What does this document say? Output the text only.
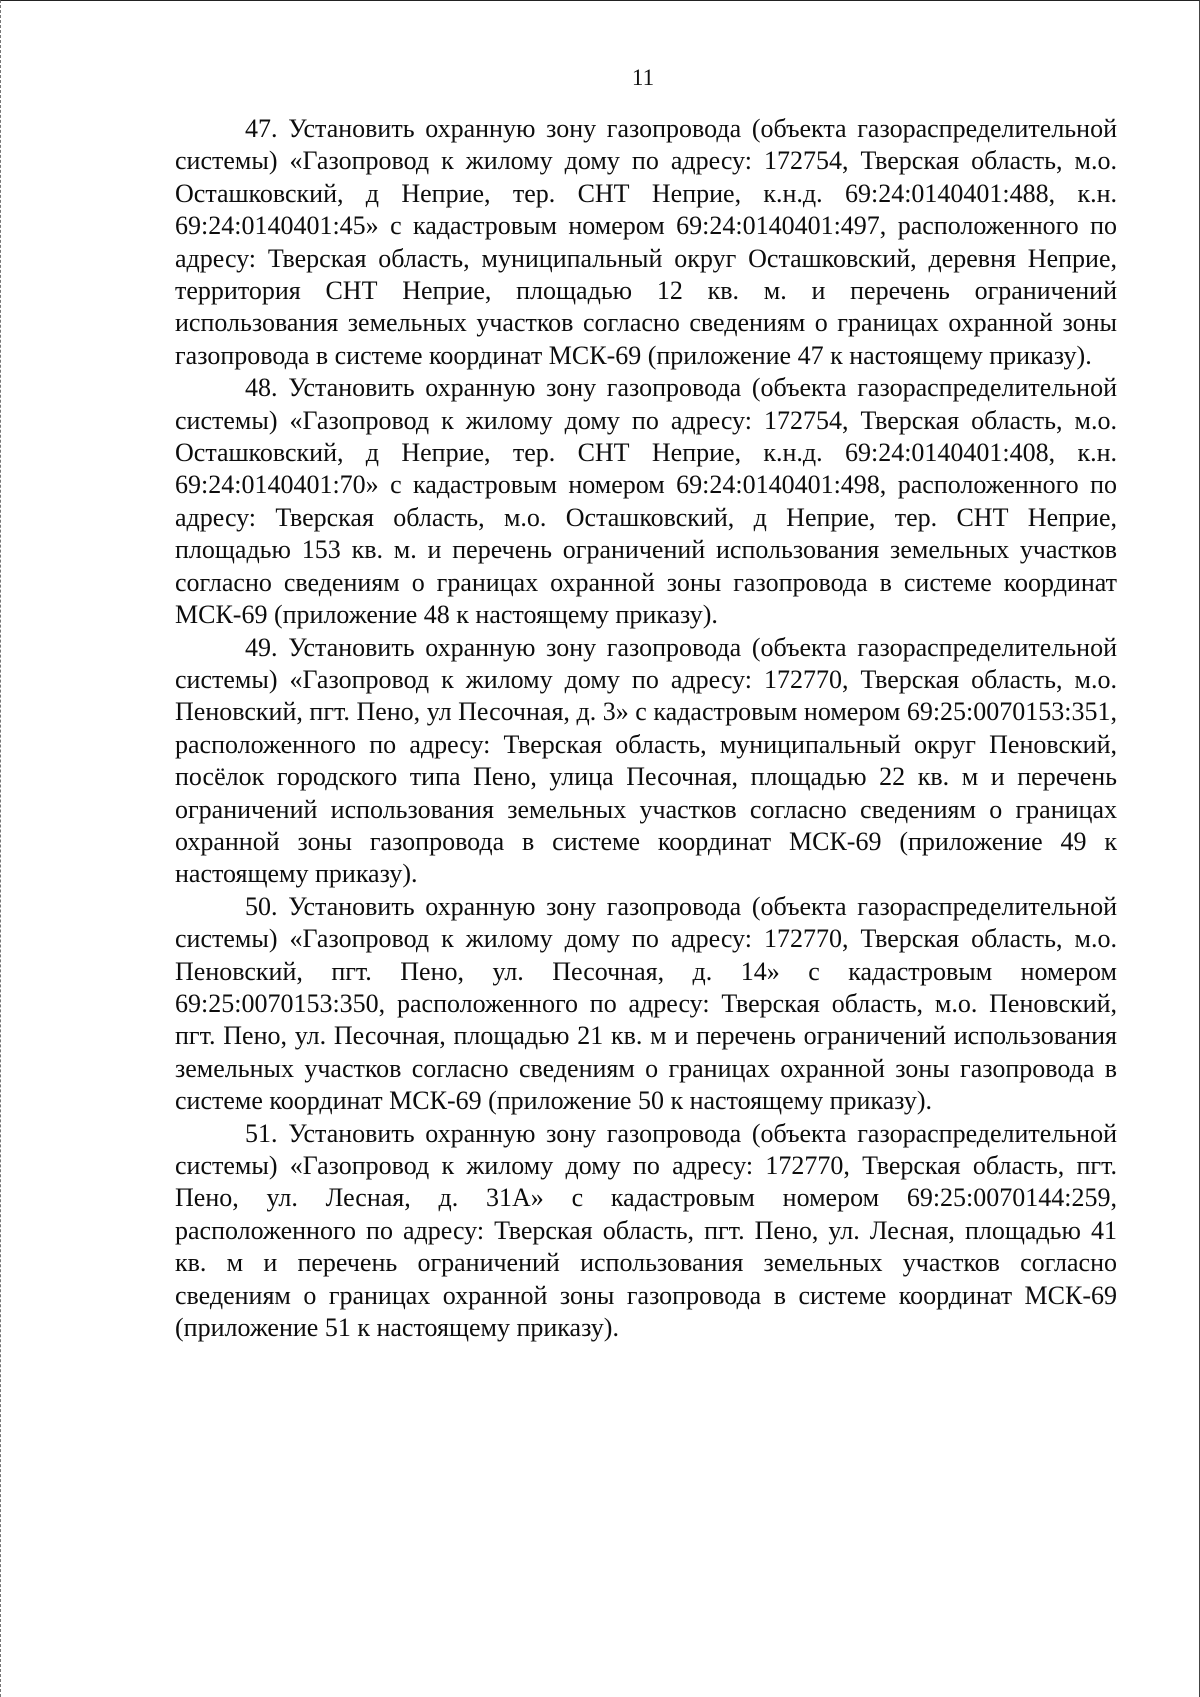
11

47. Установить охранную зону газопровода (объекта газораспределительной системы) «Газопровод к жилому дому по адресу: 172754, Тверская область, м.о. Осташковский, д Неприе, тер. СНТ Неприе, к.н.д. 69:24:0140401:488, к.н. 69:24:0140401:45» с кадастровым номером 69:24:0140401:497, расположенного по адресу: Тверская область, муниципальный округ Осташковский, деревня Неприе, территория СНТ Неприе, площадью 12 кв. м. и перечень ограничений использования земельных участков согласно сведениям о границах охранной зоны газопровода в системе координат МСК-69 (приложение 47 к настоящему приказу).

48. Установить охранную зону газопровода (объекта газораспределительной системы) «Газопровод к жилому дому по адресу: 172754, Тверская область, м.о. Осташковский, д Неприе, тер. СНТ Неприе, к.н.д. 69:24:0140401:408, к.н. 69:24:0140401:70» с кадастровым номером 69:24:0140401:498, расположенного по адресу: Тверская область, м.о. Осташковский, д Неприе, тер. СНТ Неприе, площадью 153 кв. м. и перечень ограничений использования земельных участков согласно сведениям о границах охранной зоны газопровода в системе координат МСК-69 (приложение 48 к настоящему приказу).

49. Установить охранную зону газопровода (объекта газораспределительной системы) «Газопровод к жилому дому по адресу: 172770, Тверская область, м.о. Пеновский, пгт. Пено, ул Песочная, д. 3» с кадастровым номером 69:25:0070153:351, расположенного по адресу: Тверская область, муниципальный округ Пеновский, посёлок городского типа Пено, улица Песочная, площадью 22 кв. м и перечень ограничений использования земельных участков согласно сведениям о границах охранной зоны газопровода в системе координат МСК-69 (приложение 49 к настоящему приказу).

50. Установить охранную зону газопровода (объекта газораспределительной системы) «Газопровод к жилому дому по адресу: 172770, Тверская область, м.о. Пеновский, пгт. Пено, ул. Песочная, д. 14» с кадастровым номером 69:25:0070153:350, расположенного по адресу: Тверская область, м.о. Пеновский, пгт. Пено, ул. Песочная, площадью 21 кв. м и перечень ограничений использования земельных участков согласно сведениям о границах охранной зоны газопровода в системе координат МСК-69 (приложение 50 к настоящему приказу).

51. Установить охранную зону газопровода (объекта газораспределительной системы) «Газопровод к жилому дому по адресу: 172770, Тверская область, пгт. Пено, ул. Лесная, д. 31А» с кадастровым номером 69:25:0070144:259, расположенного по адресу: Тверская область, пгт. Пено, ул. Лесная, площадью 41 кв. м и перечень ограничений использования земельных участков согласно сведениям о границах охранной зоны газопровода в системе координат МСК-69 (приложение 51 к настоящему приказу).
